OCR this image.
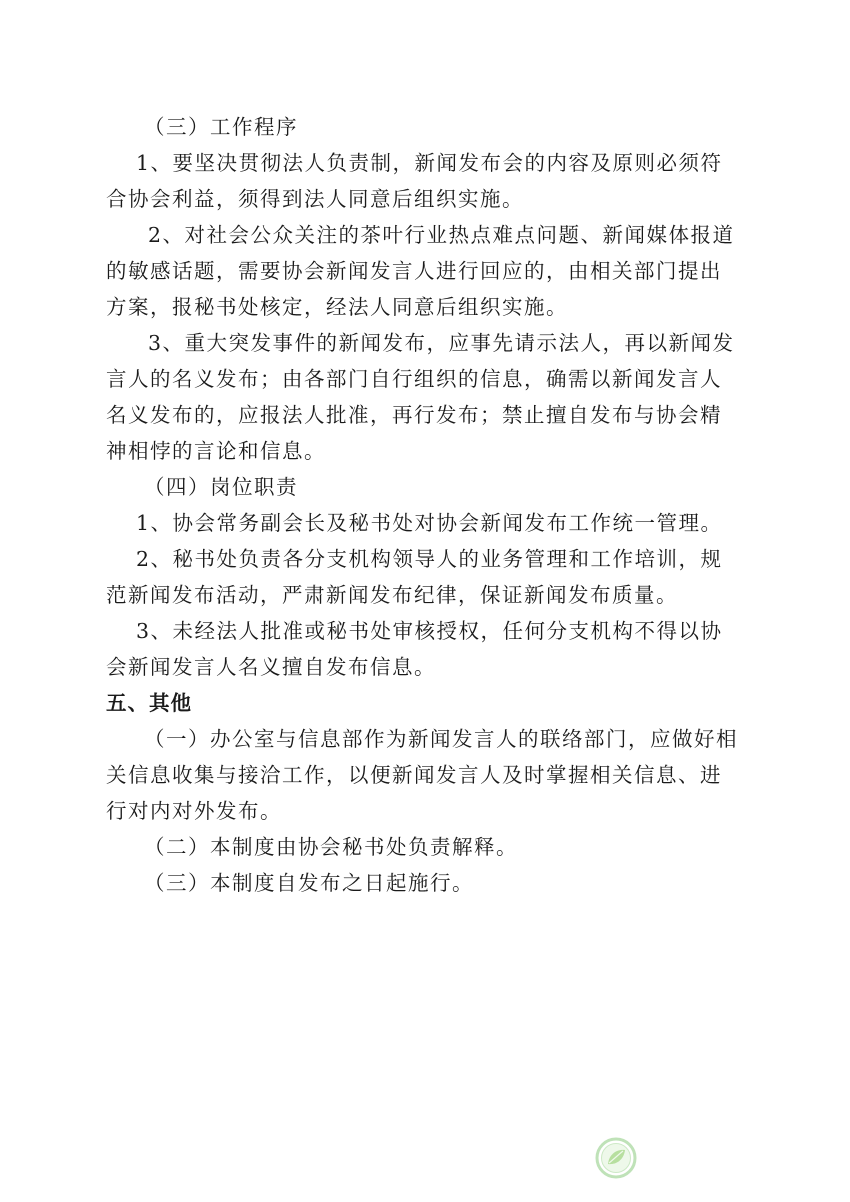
（三）工作程序
1、要坚决贯彻法人负责制，新闻发布会的内容及原则必须符
合协会利益，须得到法人同意后组织实施。
2、对社会公众关注的茶叶行业热点难点问题、新闻媒体报道
的敏感话题，需要协会新闻发言人进行回应的，由相关部门提出
方案，报秘书处核定，经法人同意后组织实施。
3、重大突发事件的新闻发布，应事先请示法人，再以新闻发
言人的名义发布；由各部门自行组织的信息，确需以新闻发言人
名义发布的，应报法人批准，再行发布；禁止擅自发布与协会精
神相悖的言论和信息。
（四）岗位职责
1、协会常务副会长及秘书处对协会新闻发布工作统一管理。
2、秘书处负责各分支机构领导人的业务管理和工作培训，规
范新闻发布活动，严肃新闻发布纪律，保证新闻发布质量。
3、未经法人批准或秘书处审核授权，任何分支机构不得以协
会新闻发言人名义擅自发布信息。
五、其他
（一）办公室与信息部作为新闻发言人的联络部门，应做好相
关信息收集与接洽工作，以便新闻发言人及时掌握相关信息、进
行对内对外发布。
（二）本制度由协会秘书处负责解释。
（三）本制度自发布之日起施行。
